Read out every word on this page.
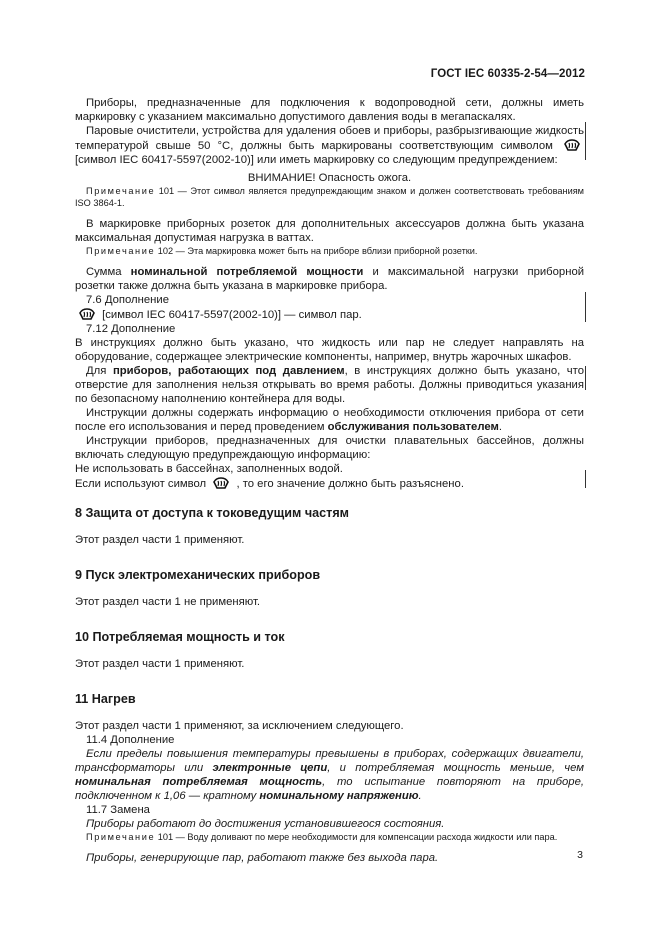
ГОСТ IEC 60335-2-54—2012

Приборы, предназначенные для подключения к водопроводной сети, должны иметь маркировку с указанием максимально допустимого давления воды в мегапаскалях.

Паровые очистители, устройства для удаления обоев и приборы, разбрызгивающие жидкость температурой свыше 50 °С, должны быть маркированы соответствующим символом  [символ IEC 60417-5597(2002-10)] или иметь маркировку со следующим предупреждением:

ВНИМАНИЕ! Опасность ожога.

Примечание 101 — Этот символ является предупреждающим знаком и должен соответствовать требованиям ISO 3864-1.

В маркировке приборных розеток для дополнительных аксессуаров должна быть указана максимальная допустимая нагрузка в ваттах.

Примечание 102 — Эта маркировка может быть на приборе вблизи приборной розетки.

Сумма номинальной потребляемой мощности и максимальной нагрузки приборной розетки также должна быть указана в маркировке прибора.

7.6 Дополнение

[символ IEC 60417-5597(2002-10)] — символ пар.

7.12 Дополнение

В инструкциях должно быть указано, что жидкость или пар не следует направлять на оборудование, содержащее электрические компоненты, например, внутрь жарочных шкафов.

Для приборов, работающих под давлением, в инструкциях должно быть указано, что отверстие для заполнения нельзя открывать во время работы. Должны приводиться указания по безопасному наполнению контейнера для воды.

Инструкции должны содержать информацию о необходимости отключения прибора от сети после его использования и перед проведением обслуживания пользователем.

Инструкции приборов, предназначенных для очистки плавательных бассейнов, должны включать следующую предупреждающую информацию:

Не использовать в бассейнах, заполненных водой.

Если используют символ	, то его значение должно быть разъяснено.

8 Защита от доступа к токоведущим частям

Этот раздел части 1 применяют.

9 Пуск электромеханических приборов

Этот раздел части 1 не применяют.

10 Потребляемая мощность и ток

Этот раздел части 1 применяют.

11 Нагрев

Этот раздел части 1 применяют, за исключением следующего.

11.4 Дополнение

Если пределы повышения температуры превышены в приборах, содержащих двигатели, трансформаторы или электронные цепи, и потребляемая мощность меньше, чем номинальная потребляемая мощность, то испытание повторяют на приборе, подключенном к 1,06 — кратному номинальному напряжению.

11.7 Замена

Приборы работают до достижения установившегося состояния.

Примечание 101 — Воду доливают по мере необходимости для компенсации расхода жидкости или пара.

Приборы, генерирующие пар, работают также без выхода пара.	3
